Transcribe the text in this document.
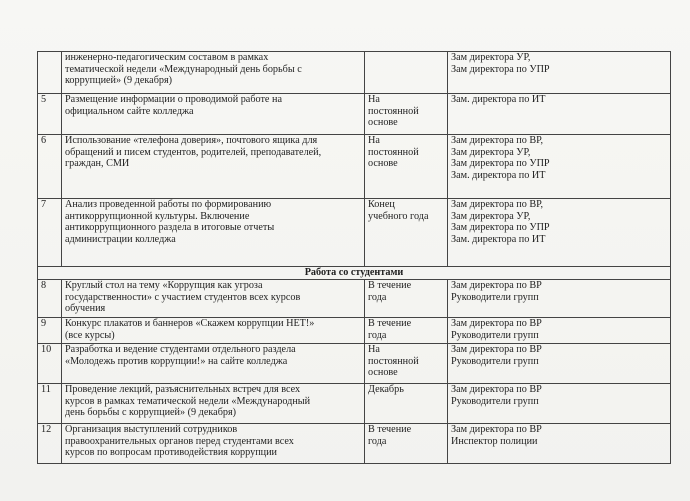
	инженерно-педагогическим составом в рамках
тематической недели «Международный день борьбы с
коррупцией» (9 декабря)		Зам директора УР,
Зам директора по УПР

5	Размещение информации о проводимой работе на
официальном сайте колледжа	На
постоянной
основе	Зам. директора по ИТ

6	Использование «телефона доверия», почтового ящика для
обращений и писем студентов, родителей, преподавателей,
граждан, СМИ	На
постоянной
основе	Зам директора по ВР,
Зам директора УР,
Зам директора по УПР
Зам. директора по ИТ

7	Анализ проведенной работы по формированию
антикоррупционной культуры. Включение
антикоррупционного раздела в итоговые отчеты
администрации колледжа	Конец
учебного года	Зам директора по ВР,
Зам директора УР,
Зам директора по УПР
Зам. директора по ИТ

Работа со студентами			
8	Круглый стол на тему «Коррупция как угроза
государственности» с участием студентов всех курсов
обучения	В течение
года	Зам директора по ВР
Руководители групп

9	Конкурс плакатов и баннеров «Скажем коррупции НЕТ!»
(все курсы)	В течение
года	Зам директора по ВР
Руководители групп

10	Разработка и ведение студентами отдельного раздела
«Молодежь против коррупции!» на сайте колледжа	На
постоянной
основе	Зам директора по ВР
Руководители групп

11	Проведение лекций, разъяснительных встреч для всех
курсов в рамках тематической недели «Международный
день борьбы с коррупцией» (9 декабря)	Декабрь	Зам директора по ВР
Руководители групп

12	Организация выступлений сотрудников
правоохранительных органов перед студентами всех
курсов по вопросам противодействия коррупции	В течение
года	Зам директора по ВР
Инспектор полиции
